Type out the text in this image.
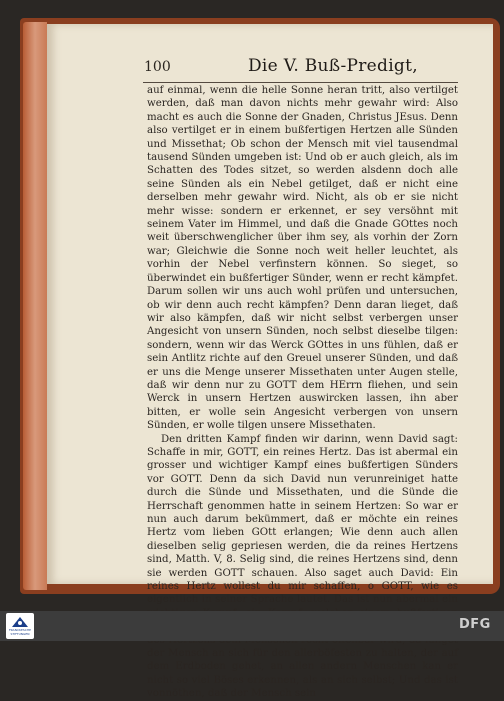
100	Die V. Buß-Predigt,

auf einmal, wenn die helle Sonne heran tritt, also vertilget werden, daß man davon nichts mehr gewahr wird: Also macht es auch die Sonne der Gnaden, Christus JEsus. Denn also vertilget er in einem bußfertigen Hertzen alle Sünden und Missethat; Ob schon der Mensch mit viel tausendmal tausend Sünden umgeben ist: Und ob er auch gleich, als im Schatten des Todes sitzet, so werden alsdenn doch alle seine Sünden als ein Nebel getilget, daß er nicht eine derselben mehr gewahr wird. Nicht, als ob er sie nicht mehr wisse: sondern er erkennet, er sey versöhnt mit seinem Vater im Himmel, und daß die Gnade GOttes noch weit überschwenglicher über ihm sey, als vorhin der Zorn war; Gleichwie die Sonne noch weit heller leuchtet, als vorhin der Nebel verfinstern können. So sieget, so überwindet ein bußfertiger Sünder, wenn er recht kämpfet. Darum sollen wir uns auch wohl prüfen und untersuchen, ob wir denn auch recht kämpfen? Denn daran lieget, daß wir also kämpfen, daß wir nicht selbst verbergen unser Angesicht von unsern Sünden, noch selbst dieselbe tilgen: sondern, wenn wir das Werck GOttes in uns fühlen, daß er sein Antlitz richte auf den Greuel unserer Sünden, und daß er uns die Menge unserer Missethaten unter Augen stelle, daß wir denn nur zu GOTT dem HErrn fliehen, und sein Werck in unsern Hertzen auswircken lassen, ihn aber bitten, er wolle sein Angesicht verbergen von unsern Sünden, er wolle tilgen unsere Missethaten.

Den dritten Kampf finden wir darinn, wenn David sagt: Schaffe in mir, GOTT, ein reines Hertz. Das ist abermal ein grosser und wichtiger Kampf eines bußfertigen Sünders vor GOTT. Denn da sich David nun verunreiniget hatte durch die Sünde und Missethaten, und die Sünde die Herrschaft genommen hatte in seinem Hertzen: So war er nun auch darum bekümmert, daß er möchte ein reines Hertz vom lieben GOtt erlangen; Wie denn auch allen dieselben selig gepriesen werden, die da reines Hertzens sind, Matth. V, 8. Selig sind, die reines Hertzens sind, denn sie werden GOTT schauen. Also saget auch David: Ein reines Hertz wollest du mir schaffen, o GOTT, wie es eigentlich in seiner Sprache lautet. Das ist nun abermal ein der Mensch an sich für den allerböfesten zu halten, der auf dem Erdboden gehet, an allen andern Menschen kan er nicht so viel Böses erkennen, als an sich selbst; Und das ist vonnöthen, daß der Mensch sein

FRANCKESCHE STIFTUNGEN
DFG
